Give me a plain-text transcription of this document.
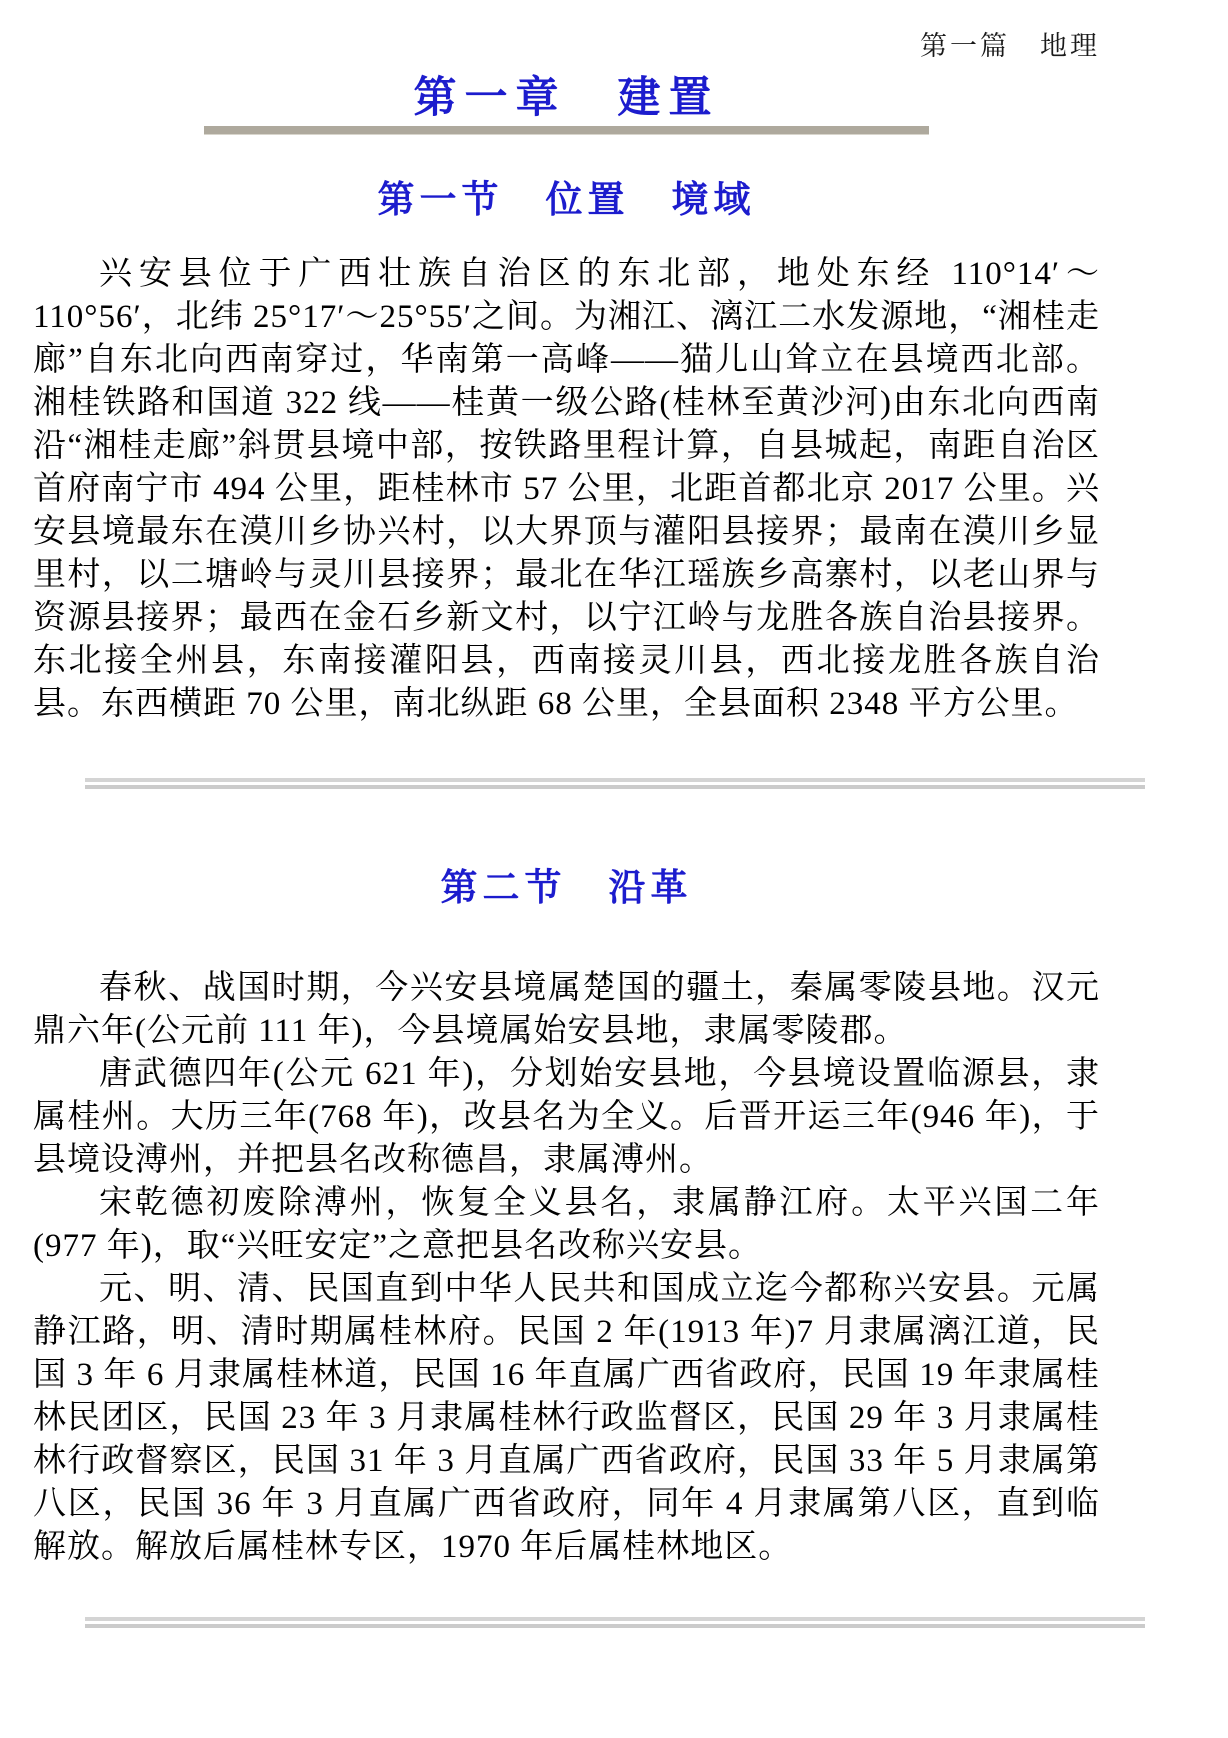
第一篇　地理
第一章　建置
第一节　位置　境域

兴安县位于广西壮族自治区的东北部，地处东经 110°14′～110°56′，北纬 25°17′～25°55′之间。为湘江、漓江二水发源地，“湘桂走廊”自东北向西南穿过，华南第一高峰——猫儿山耸立在县境西北部。湘桂铁路和国道 322 线——桂黄一级公路(桂林至黄沙河)由东北向西南沿“湘桂走廊”斜贯县境中部，按铁路里程计算，自县城起，南距自治区首府南宁市 494 公里，距桂林市 57 公里，北距首都北京 2017 公里。兴安县境最东在漠川乡协兴村，以大界顶与灌阳县接界；最南在漠川乡显里村，以二塘岭与灵川县接界；最北在华江瑶族乡高寨村，以老山界与资源县接界；最西在金石乡新文村，以宁江岭与龙胜各族自治县接界。东北接全州县，东南接灌阳县，西南接灵川县，西北接龙胜各族自治县。东西横距 70 公里，南北纵距 68 公里，全县面积 2348 平方公里。

第二节　沿革

春秋、战国时期，今兴安县境属楚国的疆土，秦属零陵县地。汉元鼎六年(公元前 111 年)，今县境属始安县地，隶属零陵郡。

唐武德四年(公元 621 年)，分划始安县地，今县境设置临源县，隶属桂州。大历三年(768 年)，改县名为全义。后晋开运三年(946 年)，于县境设溥州，并把县名改称德昌，隶属溥州。

宋乾德初废除溥州，恢复全义县名，隶属静江府。太平兴国二年(977 年)，取“兴旺安定”之意把县名改称兴安县。

元、明、清、民国直到中华人民共和国成立迄今都称兴安县。元属静江路，明、清时期属桂林府。民国 2 年(1913 年)7 月隶属漓江道，民国 3 年 6 月隶属桂林道，民国 16 年直属广西省政府，民国 19 年隶属桂林民团区，民国 23 年 3 月隶属桂林行政监督区，民国 29 年 3 月隶属桂林行政督察区，民国 31 年 3 月直属广西省政府，民国 33 年 5 月隶属第八区，民国 36 年 3 月直属广西省政府，同年 4 月隶属第八区，直到临解放。解放后属桂林专区，1970 年后属桂林地区。
